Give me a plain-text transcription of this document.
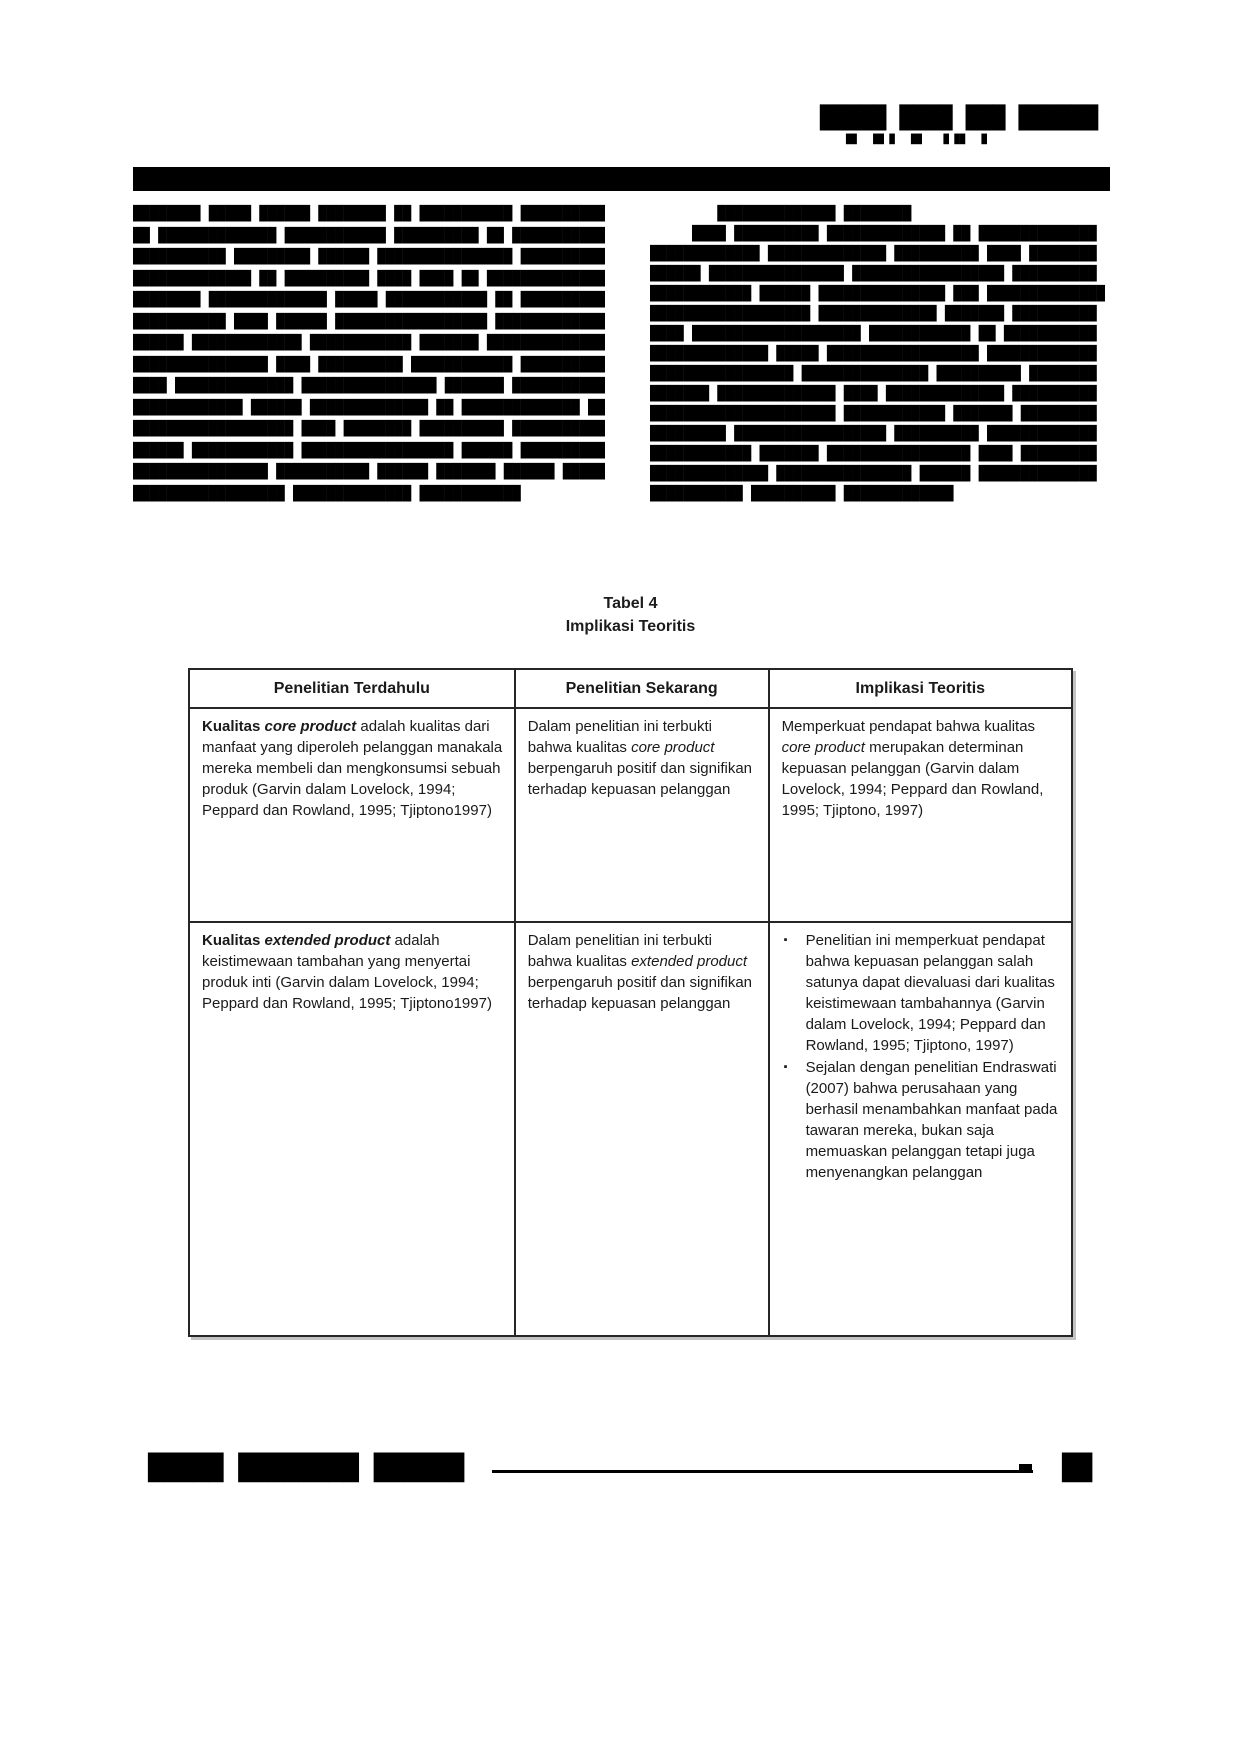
█████ ████ ███ ██████
██   ██ █   ██    █ ██   █
████████ █████ ██████ ████████ ██ ███████████ ██████████
██ ██████████████ ████████████ ██████████ ██ ███████████
███████████ █████████ ██████ ████████████████ ██████████
██████████████ ██ ██████████ ████ ████ ██ ██████████████
████████ ██████████████ █████ ████████████ ██ ██████████
███████████ ████ ██████ ██████████████████ █████████████
██████ █████████████ ████████████ ███████ ██████████████
████████████████ ████ ██████████ ████████████ ██████████
████ ██████████████ ████████████████ ███████ ███████████
█████████████ ██████ ██████████████ ██ ██████████████ ██
███████████████████ ████ ████████ ██████████ ███████████
██████ ████████████ ██████████████████ ██████ ██████████
████████████████ ███████████ ██████ ███████ ██████ █████
██████████████████ ██████████████ ████████████
██████████████ ████████
████ ██████████ ██████████████ ██ ██████████████
█████████████ ██████████████ ██████████ ████ ████████
██████ ████████████████ ██████████████████ ██████████
████████████ ██████ ███████████████ ███ ██████████████
███████████████████ ██████████████ ███████ ██████████
████ ████████████████████ ████████████ ██ ███████████
██████████████ █████ ██████████████████ █████████████
█████████████████ ███████████████ ██████████ ████████
███████ ██████████████ ████ ██████████████ ██████████
██████████████████████ ████████████ ███████ █████████
█████████ ██████████████████ ██████████ █████████████
████████████ ███████ █████████████████ ████ █████████
██████████████ ████████████████ ██████ ██████████████
███████████ ██████████ █████████████
Tabel 4
Implikasi Teoritis
Penelitian Terdahulu	Penelitian Sekarang	Implikasi Teoritis
Kualitas core product adalah kualitas dari manfaat yang diperoleh pelanggan manakala mereka membeli dan mengkonsumsi sebuah produk (Garvin dalam Lovelock, 1994; Peppard dan Rowland, 1995; Tjiptono1997)	Dalam penelitian ini terbukti bahwa kualitas core product berpengaruh positif dan signifikan terhadap kepuasan pelanggan	Memperkuat pendapat bahwa kualitas core product merupakan determinan kepuasan pelanggan (Garvin dalam Lovelock, 1994; Peppard dan Rowland, 1995; Tjiptono, 1997)
Kualitas extended product adalah keistimewaan tambahan yang menyertai produk inti (Garvin dalam Lovelock, 1994; Peppard dan Rowland, 1995; Tjiptono1997)	Dalam penelitian ini terbukti bahwa kualitas extended product berpengaruh positif dan signifikan terhadap kepuasan pelanggan	▪ Penelitian ini memperkuat pendapat bahwa kepuasan pelanggan salah satunya dapat dievaluasi dari kualitas keistimewaan tambahannya (Garvin dalam Lovelock, 1994; Peppard dan Rowland, 1995; Tjiptono, 1997)
▪ Sejalan dengan penelitian Endraswati (2007) bahwa perusahaan yang berhasil menambahkan manfaat pada tawaran mereka, bukan saja memuaskan pelanggan tetapi juga menyenangkan pelanggan
█████ ████████ ██████	██
